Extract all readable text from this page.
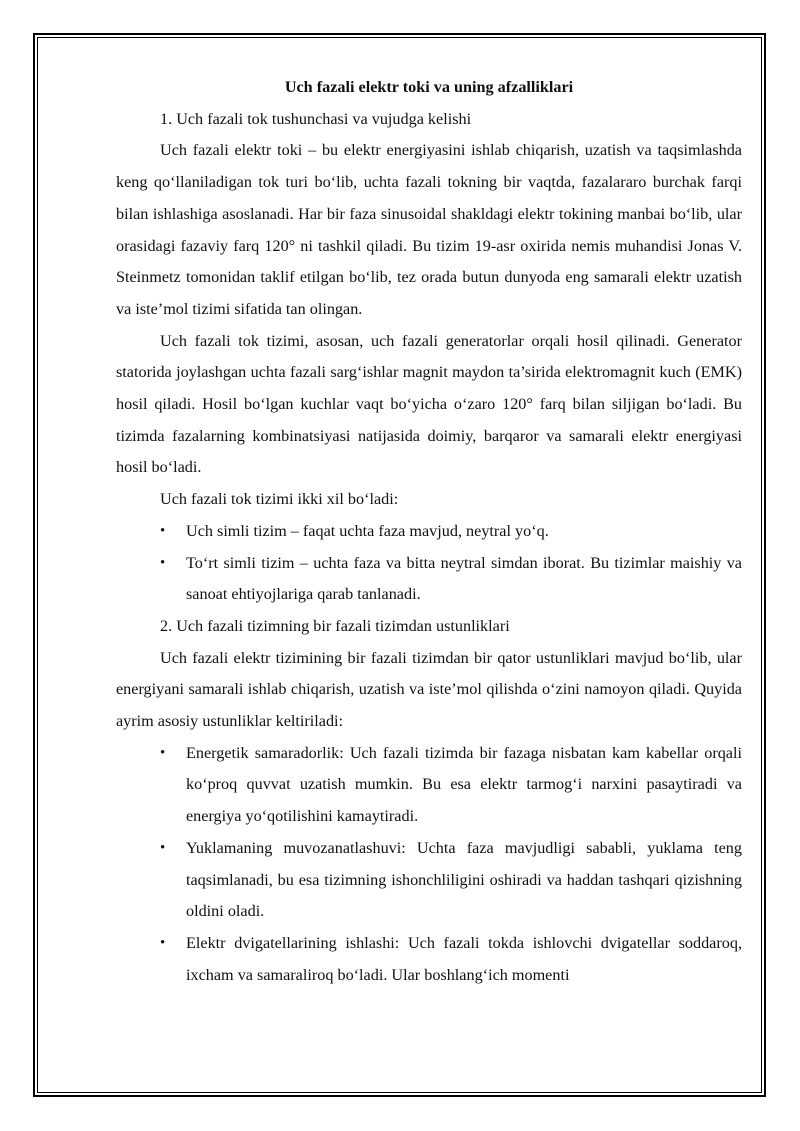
Uch fazali elektr toki va uning afzalliklari

1. Uch fazali tok tushunchasi va vujudga kelishi

Uch fazali elektr toki – bu elektr energiyasini ishlab chiqarish, uzatish va taqsimlashda keng qo‘llaniladigan tok turi bo‘lib, uchta fazali tokning bir vaqtda, fazalararo burchak farqi bilan ishlashiga asoslanadi. Har bir faza sinusoidal shakldagi elektr tokining manbai bo‘lib, ular orasidagi fazaviy farq 120° ni tashkil qiladi. Bu tizim 19-asr oxirida nemis muhandisi Jonas V. Steinmetz tomonidan taklif etilgan bo‘lib, tez orada butun dunyoda eng samarali elektr uzatish va iste’mol tizimi sifatida tan olingan.

Uch fazali tok tizimi, asosan, uch fazali generatorlar orqali hosil qilinadi. Generator statorida joylashgan uchta fazali sarg‘ishlar magnit maydon ta’sirida elektromagnit kuch (EMK) hosil qiladi. Hosil bo‘lgan kuchlar vaqt bo‘yicha o‘zaro 120° farq bilan siljigan bo‘ladi. Bu tizimda fazalarning kombinatsiyasi natijasida doimiy, barqaror va samarali elektr energiyasi hosil bo‘ladi.

Uch fazali tok tizimi ikki xil bo‘ladi:

• Uch simli tizim – faqat uchta faza mavjud, neytral yo‘q.
• To‘rt simli tizim – uchta faza va bitta neytral simdan iborat. Bu tizimlar maishiy va sanoat ehtiyojlariga qarab tanlanadi.

2. Uch fazali tizimning bir fazali tizimdan ustunliklari

Uch fazali elektr tizimining bir fazali tizimdan bir qator ustunliklari mavjud bo‘lib, ular energiyani samarali ishlab chiqarish, uzatish va iste’mol qilishda o‘zini namoyon qiladi. Quyida ayrim asosiy ustunliklar keltiriladi:

• Energetik samaradorlik: Uch fazali tizimda bir fazaga nisbatan kam kabellar orqali ko‘proq quvvat uzatish mumkin. Bu esa elektr tarmog‘i narxini pasaytiradi va energiya yo‘qotilishini kamaytiradi.
• Yuklamaning muvozanatlashuvi: Uchta faza mavjudligi sababli, yuklama teng taqsimlanadi, bu esa tizimning ishonchliligini oshiradi va haddan tashqari qizishning oldini oladi.
• Elektr dvigatellarining ishlashi: Uch fazali tokda ishlovchi dvigatellar soddaroq, ixcham va samaraliroq bo‘ladi. Ular boshlang‘ich momenti
